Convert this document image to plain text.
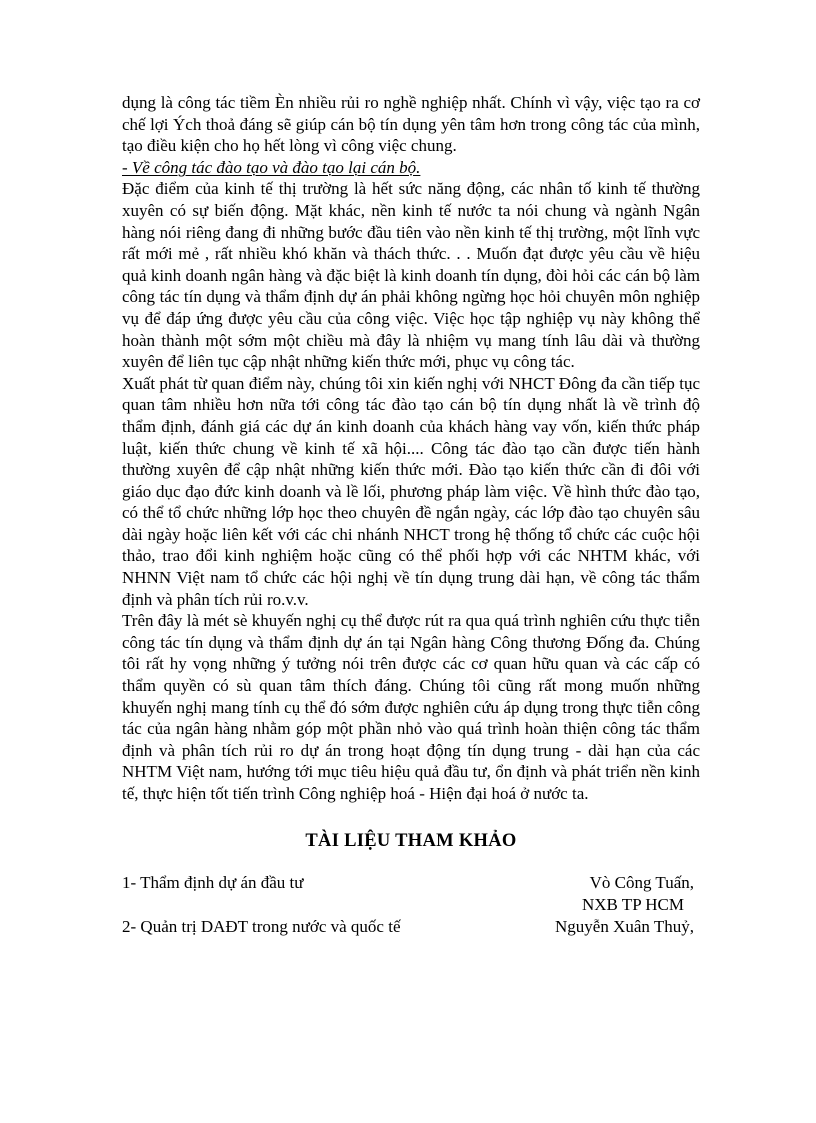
dụng là công tác tiềm Èn nhiều rủi ro nghề nghiệp nhất. Chính vì vậy, việc tạo ra cơ chế lợi Ých thoả đáng sẽ giúp cán bộ tín dụng yên tâm hơn trong công tác của mình, tạo điều kiện cho họ hết lòng vì công việc chung.

- Về công tác đào tạo và đào tạo lại cán bộ.

Đặc điểm của kinh tế thị trường là hết sức năng động, các nhân tố kinh tế thường xuyên có sự biến động. Mặt khác, nền kinh tế nước ta nói chung và ngành Ngân hàng nói riêng đang đi những bước đầu tiên vào nền kinh tế thị trường, một lĩnh vực rất mới mẻ , rất nhiều khó khăn và thách thức. . . Muốn đạt được yêu cầu về hiệu quả kinh doanh ngân hàng và đặc biệt là kinh doanh tín dụng, đòi hỏi các cán bộ làm công tác tín dụng và thẩm định dự án phải không ngừng học hỏi chuyên môn nghiệp vụ để đáp ứng được yêu cầu của công việc. Việc học tập nghiệp vụ này không thể hoàn thành một sớm một chiều mà đây là nhiệm vụ mang tính lâu dài và thường xuyên để liên tục cập nhật những kiến thức mới, phục vụ công tác.

Xuất phát từ quan điểm này, chúng tôi xin kiến nghị với NHCT Đông đa cần tiếp tục quan tâm nhiều hơn nữa tới công tác đào tạo cán bộ tín dụng nhất là về trình độ thẩm định, đánh giá các dự án kinh doanh của khách hàng vay vốn, kiến thức pháp luật, kiến thức chung về kinh tế xã hội.... Công tác đào tạo cần được tiến hành thường xuyên để cập nhật những kiến thức mới. Đào tạo kiến thức cần đi đôi với giáo dục đạo đức kinh doanh và lề lối, phương pháp làm việc. Về hình thức đào tạo, có thể tổ chức những lớp học theo chuyên đề ngắn ngày, các lớp đào tạo chuyên sâu dài ngày hoặc liên kết với các chi nhánh NHCT trong hệ thống tổ chức các cuộc hội thảo, trao đổi kinh nghiệm hoặc cũng có thể phối hợp với các NHTM khác, với NHNN Việt nam tổ chức các hội nghị về tín dụng trung dài hạn, về công tác thẩm định và phân tích rủi ro.v.v.

Trên đây là mét sè khuyến nghị cụ thể được rút ra qua quá trình nghiên cứu thực tiễn công tác tín dụng và thẩm định dự án tại Ngân hàng Công thương Đống đa. Chúng tôi rất hy vọng những ý tưởng nói trên được các cơ quan hữu quan và các cấp có thẩm quyền có sù quan tâm thích đáng. Chúng tôi cũng rất mong muốn những khuyến nghị mang tính cụ thể đó sớm được nghiên cứu áp dụng trong thực tiễn công tác của ngân hàng nhằm góp một phần nhỏ vào quá trình hoàn thiện công tác thẩm định và phân tích rủi ro dự án trong hoạt động tín dụng trung - dài hạn của các NHTM Việt nam, hướng tới mục tiêu hiệu quả đầu tư, ổn định và phát triển nền kinh tế, thực hiện tốt tiến trình Công nghiệp hoá - Hiện đại hoá ở nước ta.

TÀI LIỆU THAM KHẢO
1- Thẩm định dự án đầu tư	Vò Công Tuấn,
NXB TP HCM
2- Quản trị DAĐT trong nước và quốc tế	Nguyễn Xuân Thuỷ,
